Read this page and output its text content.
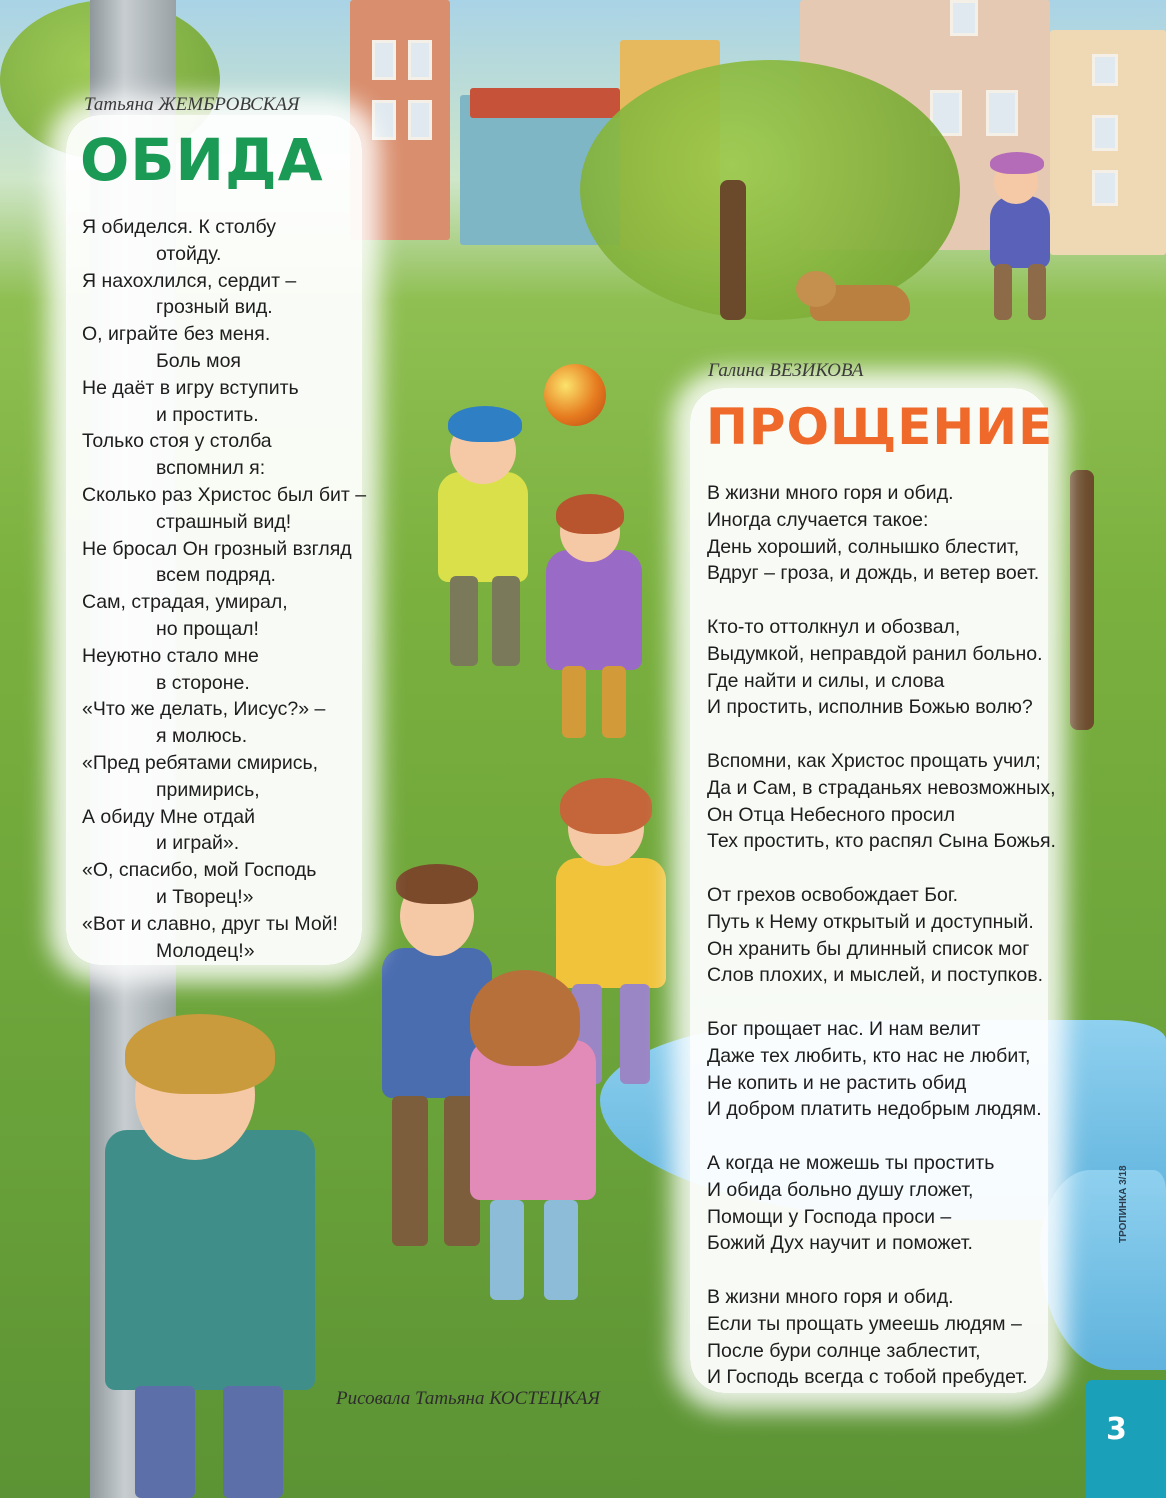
Татьяна ЖЕМБРОВСКАЯ
ОБИДА
Я обиделся. К столбу
отойду.
Я нахохлился, сердит –
грозный вид.
О, играйте без меня.
Боль моя
Не даёт в игру вступить
и простить.
Только стоя у столба
вспомнил я:
Сколько раз Христос был бит –
страшный вид!
Не бросал Он грозный взгляд
всем подряд.
Сам, страдая, умирал,
но прощал!
Неуютно стало мне
в стороне.
«Что же делать, Иисус?» –
я молюсь.
«Пред ребятами смирись,
примирись,
А обиду Мне отдай
и играй».
«О, спасибо, мой Господь
и Творец!»
«Вот и славно, друг ты Мой!
Молодец!»
Галина ВЕЗИКОВА
ПРОЩЕНИЕ
В жизни много горя и обид.
Иногда случается такое:
День хороший, солнышко блестит,
Вдруг – гроза, и дождь, и ветер воет.
Кто-то оттолкнул и обозвал,
Выдумкой, неправдой ранил больно.
Где найти и силы, и слова
И простить, исполнив Божью волю?
Вспомни, как Христос прощать учил;
Да и Сам, в страданьях невозможных,
Он Отца Небесного просил
Тех простить, кто распял Сына Божья.
От грехов освобождает Бог.
Путь к Нему открытый и доступный.
Он хранить бы длинный список мог
Слов плохих, и мыслей, и поступков.
Бог прощает нас. И нам велит
Даже тех любить, кто нас не любит,
Не копить и не растить обид
И добром платить недобрым людям.
А когда не можешь ты простить
И обида больно душу гложет,
Помощи у Господа проси –
Божий Дух научит и поможет.
В жизни много горя и обид.
Если ты прощать умеешь людям –
После бури солнце заблестит,
И Господь всегда с тобой пребудет.
Рисовала Татьяна КОСТЕЦКАЯ
ТРОПИНКА 3/18
3
